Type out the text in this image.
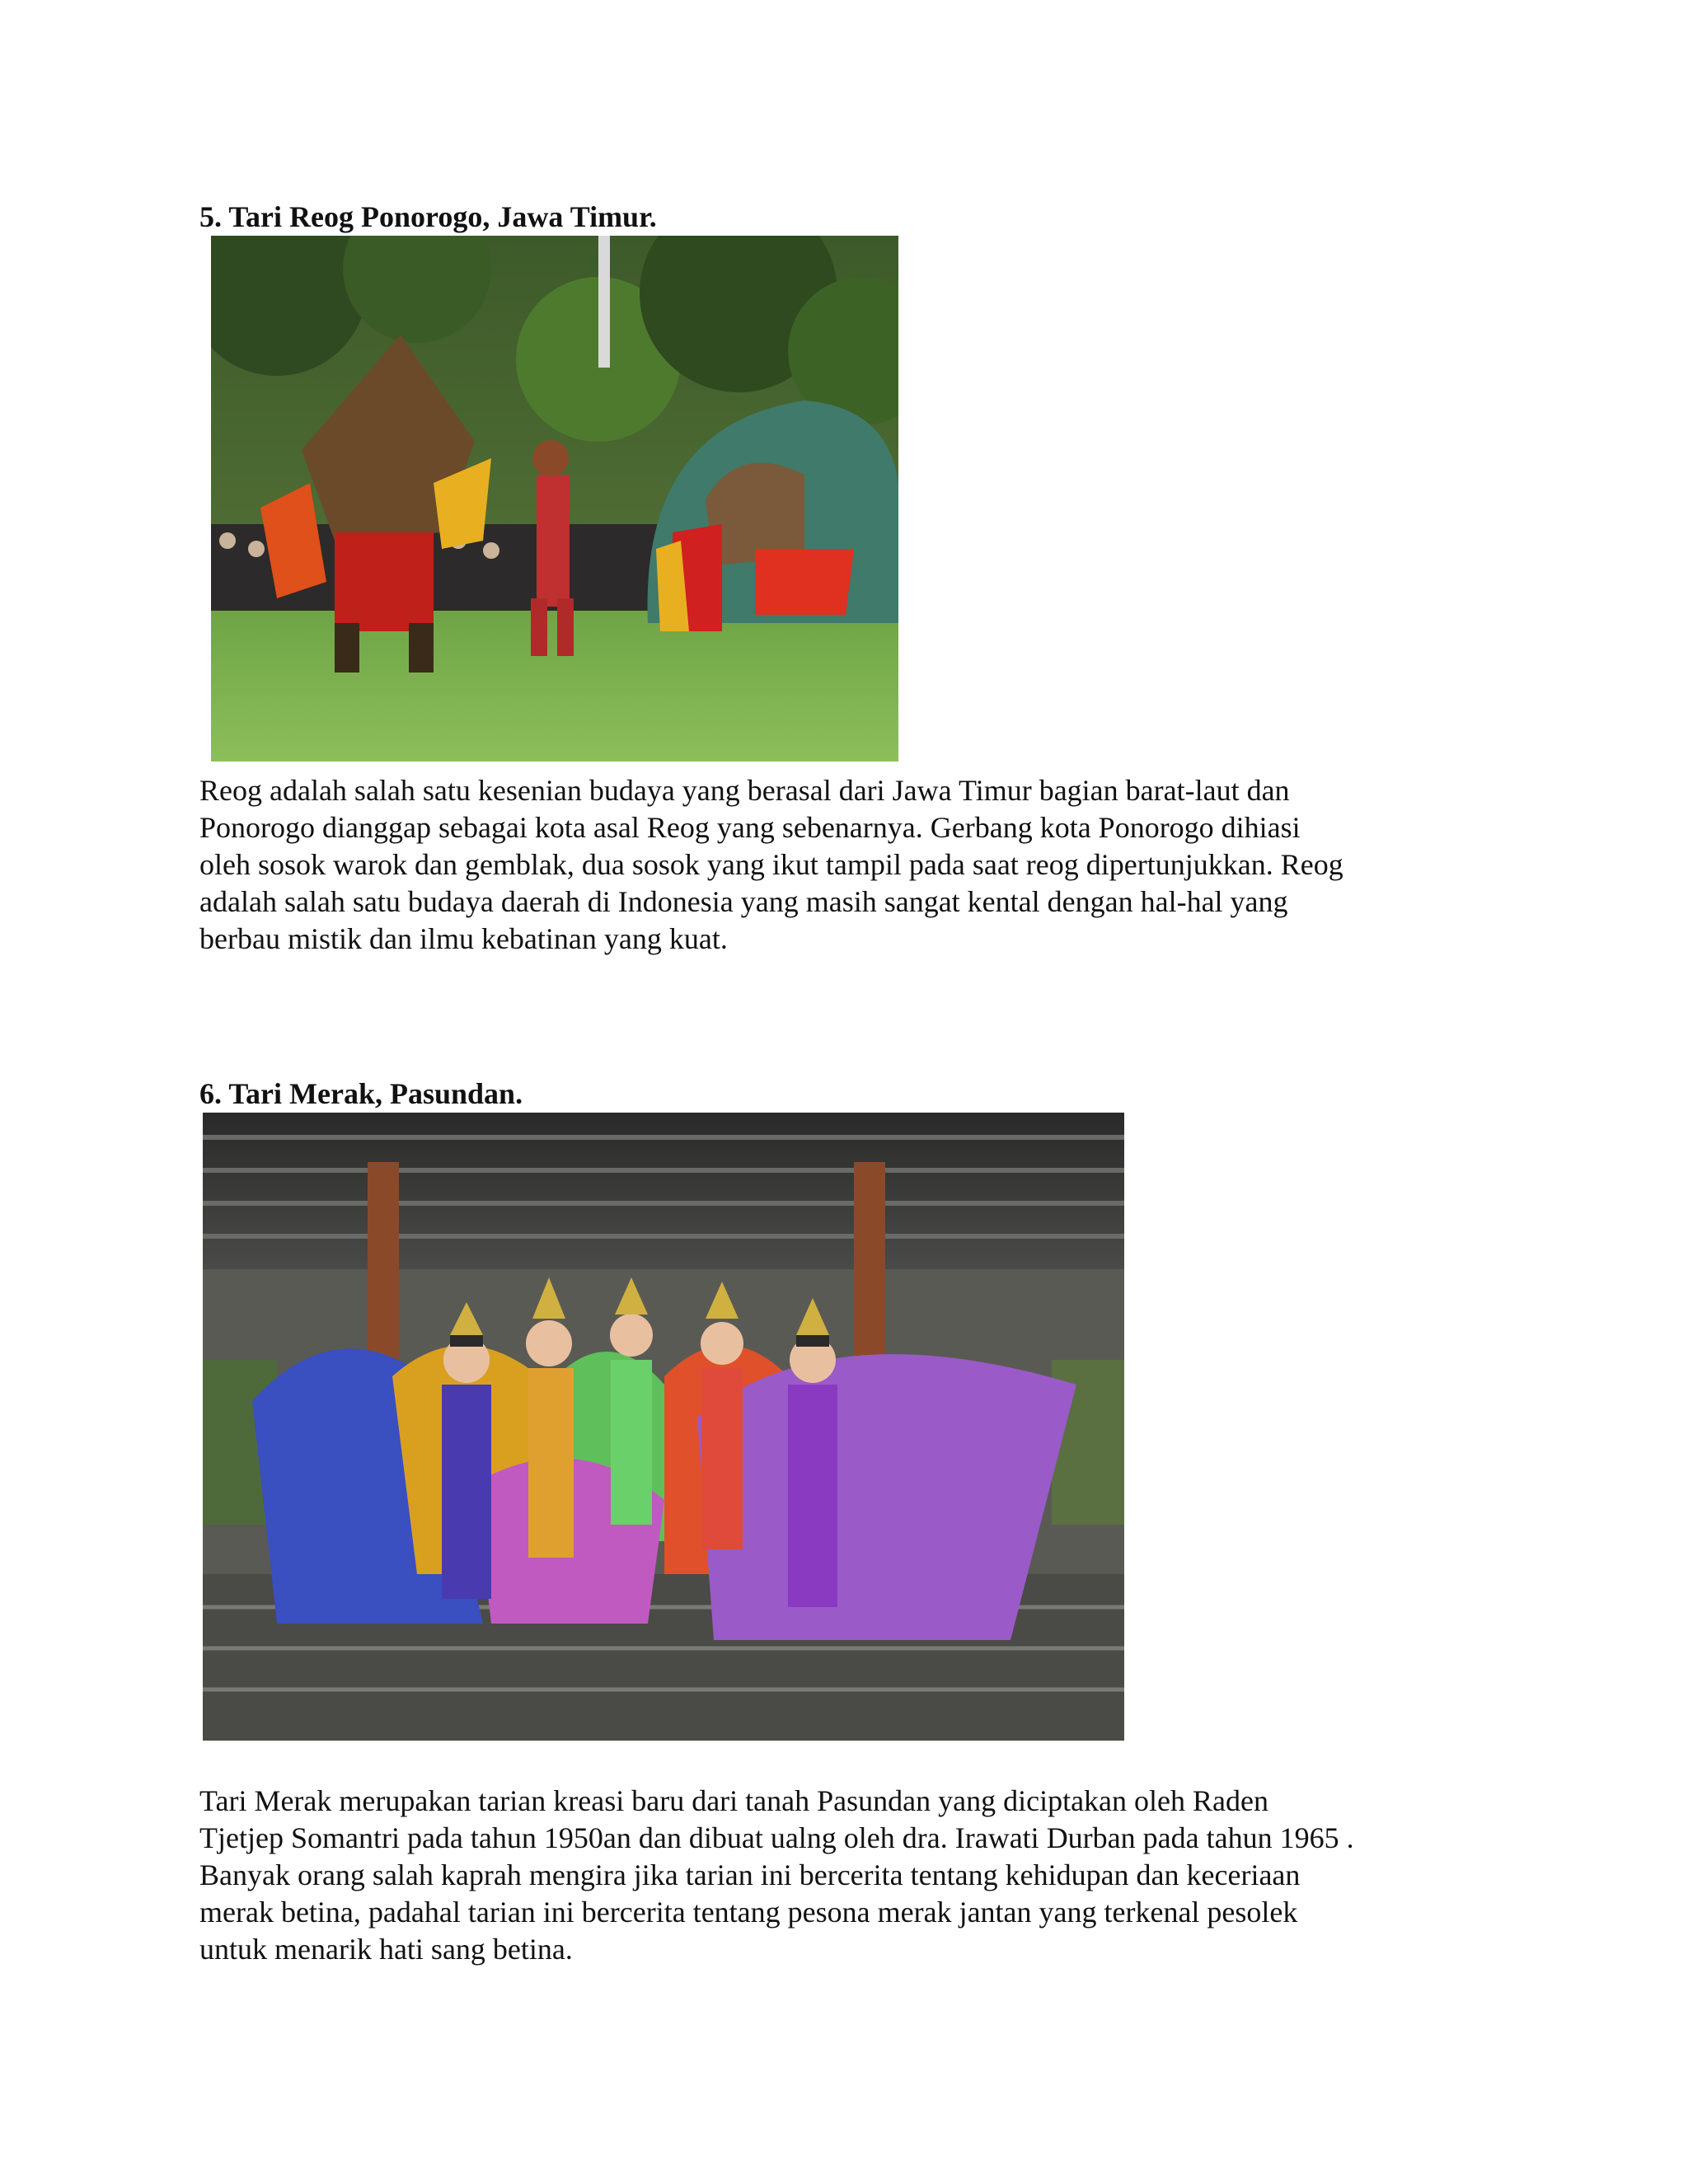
5. Tari Reog Ponorogo, Jawa Timur.
Reog adalah salah satu kesenian budaya yang berasal dari Jawa Timur bagian barat-laut dan
Ponorogo dianggap sebagai kota asal Reog yang sebenarnya. Gerbang kota Ponorogo dihiasi
oleh sosok warok dan gemblak, dua sosok yang ikut tampil pada saat reog dipertunjukkan. Reog
adalah salah satu budaya daerah di Indonesia yang masih sangat kental dengan hal-hal yang
berbau mistik dan ilmu kebatinan yang kuat.
6. Tari Merak, Pasundan.
Tari Merak merupakan tarian kreasi baru dari tanah Pasundan yang diciptakan oleh Raden
Tjetjep Somantri pada tahun 1950an dan dibuat ualng oleh dra. Irawati Durban pada tahun 1965 .
Banyak orang salah kaprah mengira jika tarian ini bercerita tentang kehidupan dan keceriaan
merak betina, padahal tarian ini bercerita tentang pesona merak jantan yang terkenal pesolek
untuk menarik hati sang betina.
